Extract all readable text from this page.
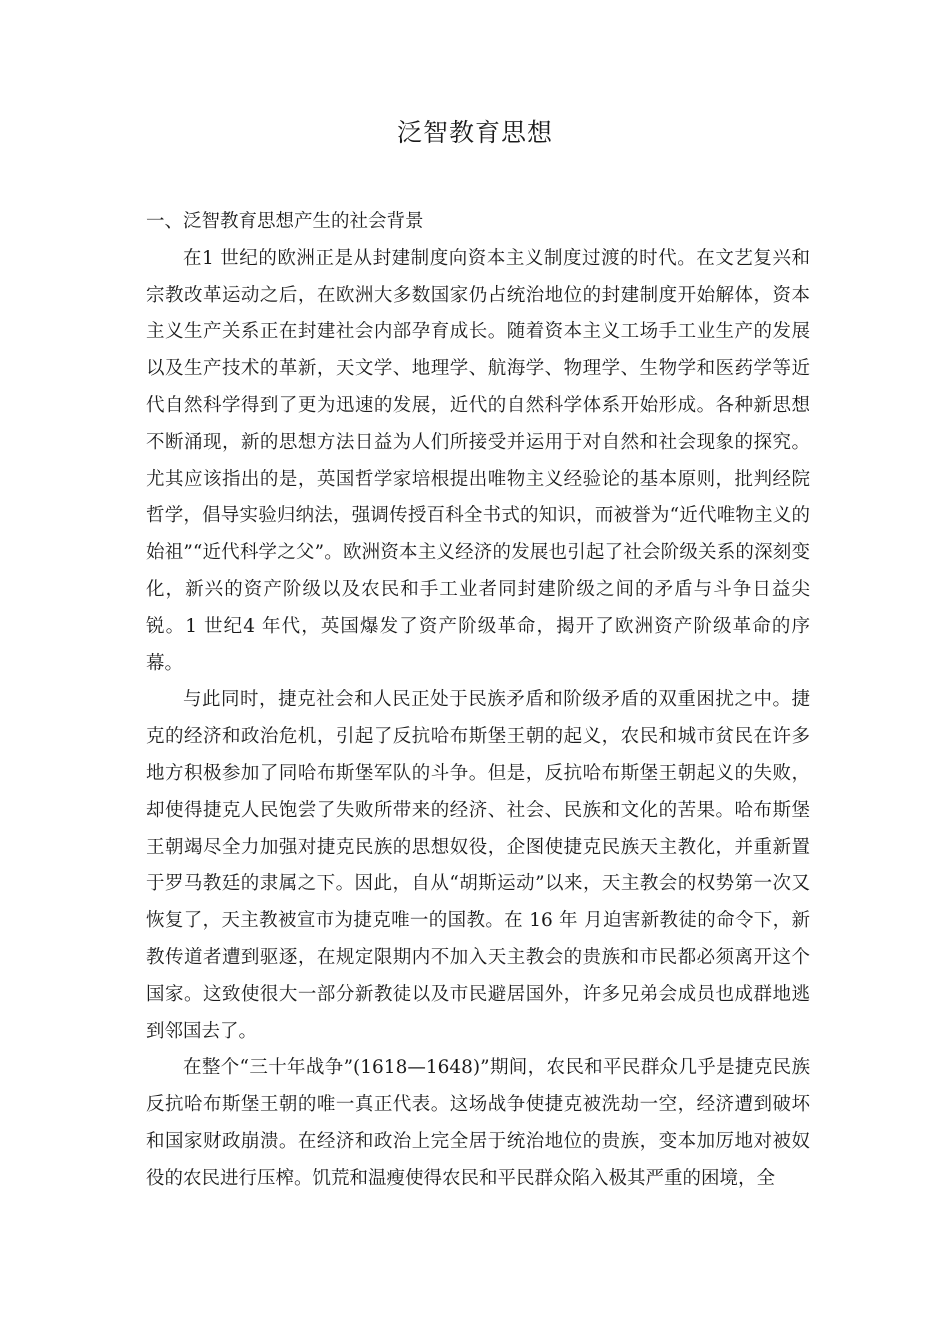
泛智教育思想
一、泛智教育思想产生的社会背景

在1 世纪的欧洲正是从封建制度向资本主义制度过渡的时代。在文艺复兴和宗教改革运动之后，在欧洲大多数国家仍占统治地位的封建制度开始解体，资本主义生产关系正在封建社会内部孕育成长。随着资本主义工场手工业生产的发展以及生产技术的革新，天文学、地理学、航海学、物理学、生物学和医药学等近代自然科学得到了更为迅速的发展，近代的自然科学体系开始形成。各种新思想不断涌现，新的思想方法日益为人们所接受并运用于对自然和社会现象的探究。尤其应该指出的是，英国哲学家培根提出唯物主义经验论的基本原则，批判经院哲学，倡导实验归纳法，强调传授百科全书式的知识，而被誉为“近代唯物主义的始祖”“近代科学之父”。欧洲资本主义经济的发展也引起了社会阶级关系的深刻变化，新兴的资产阶级以及农民和手工业者同封建阶级之间的矛盾与斗争日益尖锐。1 世纪4 年代，英国爆发了资产阶级革命，揭开了欧洲资产阶级革命的序幕。

与此同时，捷克社会和人民正处于民族矛盾和阶级矛盾的双重困扰之中。捷克的经济和政治危机，引起了反抗哈布斯堡王朝的起义，农民和城市贫民在许多地方积极参加了同哈布斯堡军队的斗争。但是，反抗哈布斯堡王朝起义的失败，却使得捷克人民饱尝了失败所带来的经济、社会、民族和文化的苦果。哈布斯堡王朝竭尽全力加强对捷克民族的思想奴役，企图使捷克民族天主教化，并重新置于罗马教廷的隶属之下。因此，自从“胡斯运动”以来，天主教会的权势第一次又恢复了，天主教被宣市为捷克唯一的国教。在 16 年 月迫害新教徒的命令下，新教传道者遭到驱逐，在规定限期内不加入天主教会的贵族和市民都必须离开这个国家。这致使很大一部分新教徒以及市民避居国外，许多兄弟会成员也成群地逃到邻国去了。

在整个“三十年战争”(1618—1648)”期间，农民和平民群众几乎是捷克民族反抗哈布斯堡王朝的唯一真正代表。这场战争使捷克被洗劫一空，经济遭到破坏和国家财政崩溃。在经济和政治上完全居于统治地位的贵族，变本加厉地对被奴役的农民进行压榨。饥荒和温瘦使得农民和平民群众陷入极其严重的困境，全
